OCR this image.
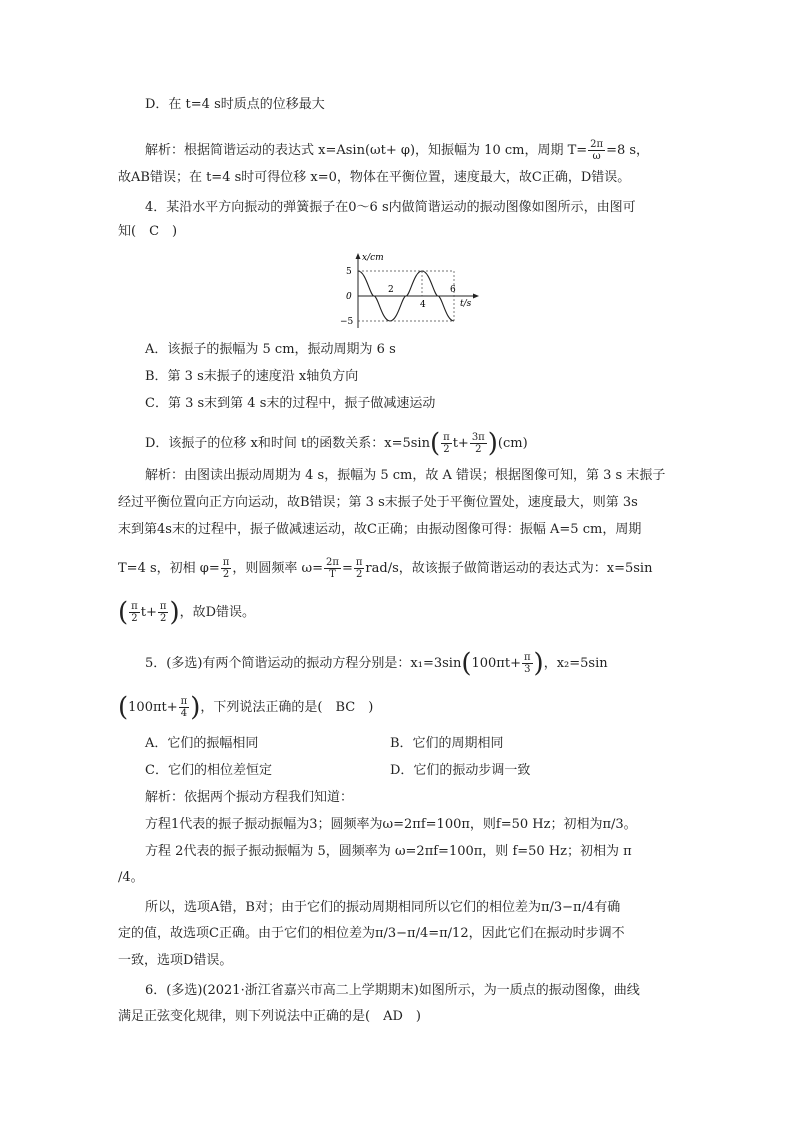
D．在 t=4 s时质点的位移最大
解析：根据简谐运动的表达式 x=Asin(ωt+ φ)，知振幅为 10 cm，周期 $T= \frac{2\pi}{\omega} =8$ s，
故AB错误；在 t=4 s时可得位移 x=0，物体在平衡位置，速度最大，故C正确，D错误。
4．某沿水平方向振动的弹簧振子在0～6 s内做简谐运动的振动图像如图所示，由图可
知(　C　)
x/cm
5
0
−5
2
4
6
t/s
A．该振子的振幅为 5 cm，振动周期为 6 s
B．第 3 s末振子的速度沿 x轴负方向
C．第 3 s末到第 4 s末的过程中，振子做减速运动
D．该振子的位移 x和时间 t的函数关系：$x=5\sin( \frac{\pi}{2} t+ \frac{3\pi}{2} )(cm)$
解析：由图读出振动周期为 4 s，振幅为 5 cm，故 A 错误；根据图像可知，第 3 s 末振子
经过平衡位置向正方向运动，故B错误；第 3 s末振子处于平衡位置处，速度最大，则第 3s
末到第4s末的过程中，振子做减速运动，故C正确；由振动图像可得：振幅 A=5 cm，周期
T=4 s，初相 $\varphi= \frac{\pi}{2}$ ，则圆频率 $\omega= \frac{2\pi}{T} = \frac{\pi}{2} rad/s$，故该振子做简谐运动的表达式为：x=5sin
( $\frac{\pi}{2} t+ \frac{\pi}{2}$ )，故D错误。
5．(多选)有两个简谐运动的振动方程分别是：$x_1=3\sin(100\pi t+ \frac{\pi}{3}$ )，x₂=5sin
($100\pi t+ \frac{\pi}{4}$ )，下列说法正确的是(　BC　)
A．它们的振幅相同	B．它们的周期相同
C．它们的相位差恒定	D．它们的振动步调一致
解析：依据两个振动方程我们知道：
方程1代表的振子振动振幅为3；圆频率为ω=2πf=100π，则f=50 Hz；初相为π/3。
方程 2代表的振子振动振幅为 5，圆频率为 ω=2πf=100π，则 f=50 Hz；初相为 π
/4。
所以，选项A错，B对；由于它们的振动周期相同所以它们的相位差为π/3−π/4有确
定的值，故选项C正确。由于它们的相位差为π/3−π/4=π/12，因此它们在振动时步调不
一致，选项D错误。
6．(多选)(2021·浙江省嘉兴市高二上学期期末)如图所示，为一质点的振动图像，曲线
满足正弦变化规律，则下列说法中正确的是(　AD　)
